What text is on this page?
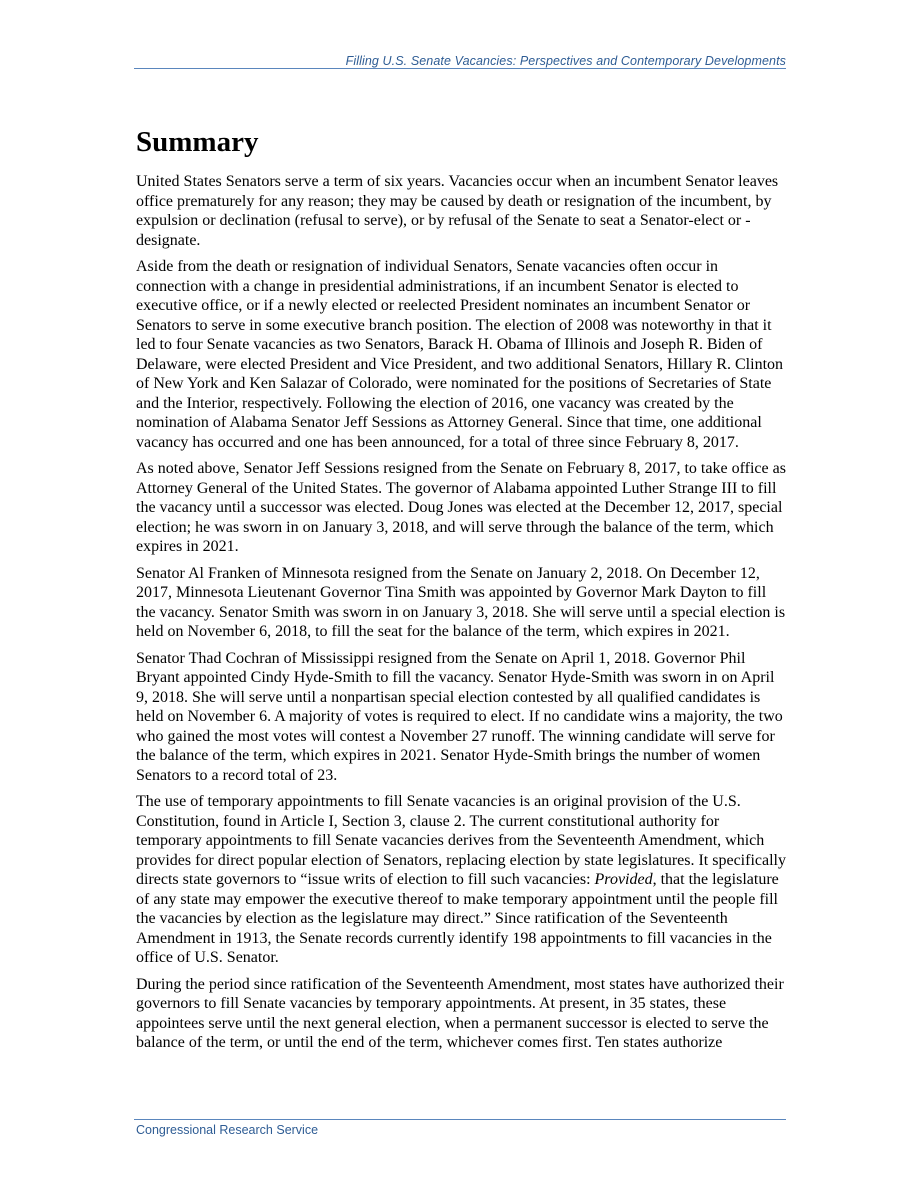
Filling U.S. Senate Vacancies: Perspectives and Contemporary Developments
Summary

United States Senators serve a term of six years. Vacancies occur when an incumbent Senator leaves office prematurely for any reason; they may be caused by death or resignation of the incumbent, by expulsion or declination (refusal to serve), or by refusal of the Senate to seat a Senator-elect or -designate.

Aside from the death or resignation of individual Senators, Senate vacancies often occur in connection with a change in presidential administrations, if an incumbent Senator is elected to executive office, or if a newly elected or reelected President nominates an incumbent Senator or Senators to serve in some executive branch position. The election of 2008 was noteworthy in that it led to four Senate vacancies as two Senators, Barack H. Obama of Illinois and Joseph R. Biden of Delaware, were elected President and Vice President, and two additional Senators, Hillary R. Clinton of New York and Ken Salazar of Colorado, were nominated for the positions of Secretaries of State and the Interior, respectively. Following the election of 2016, one vacancy was created by the nomination of Alabama Senator Jeff Sessions as Attorney General. Since that time, one additional vacancy has occurred and one has been announced, for a total of three since February 8, 2017.

As noted above, Senator Jeff Sessions resigned from the Senate on February 8, 2017, to take office as Attorney General of the United States. The governor of Alabama appointed Luther Strange III to fill the vacancy until a successor was elected. Doug Jones was elected at the December 12, 2017, special election; he was sworn in on January 3, 2018, and will serve through the balance of the term, which expires in 2021.

Senator Al Franken of Minnesota resigned from the Senate on January 2, 2018. On December 12, 2017, Minnesota Lieutenant Governor Tina Smith was appointed by Governor Mark Dayton to fill the vacancy. Senator Smith was sworn in on January 3, 2018. She will serve until a special election is held on November 6, 2018, to fill the seat for the balance of the term, which expires in 2021.

Senator Thad Cochran of Mississippi resigned from the Senate on April 1, 2018. Governor Phil Bryant appointed Cindy Hyde-Smith to fill the vacancy. Senator Hyde-Smith was sworn in on April 9, 2018. She will serve until a nonpartisan special election contested by all qualified candidates is held on November 6. A majority of votes is required to elect. If no candidate wins a majority, the two who gained the most votes will contest a November 27 runoff. The winning candidate will serve for the balance of the term, which expires in 2021. Senator Hyde-Smith brings the number of women Senators to a record total of 23.

The use of temporary appointments to fill Senate vacancies is an original provision of the U.S. Constitution, found in Article I, Section 3, clause 2. The current constitutional authority for temporary appointments to fill Senate vacancies derives from the Seventeenth Amendment, which provides for direct popular election of Senators, replacing election by state legislatures. It specifically directs state governors to “issue writs of election to fill such vacancies: Provided, that the legislature of any state may empower the executive thereof to make temporary appointment until the people fill the vacancies by election as the legislature may direct.” Since ratification of the Seventeenth Amendment in 1913, the Senate records currently identify 198 appointments to fill vacancies in the office of U.S. Senator.

During the period since ratification of the Seventeenth Amendment, most states have authorized their governors to fill Senate vacancies by temporary appointments. At present, in 35 states, these appointees serve until the next general election, when a permanent successor is elected to serve the balance of the term, or until the end of the term, whichever comes first. Ten states authorize

Congressional Research Service
